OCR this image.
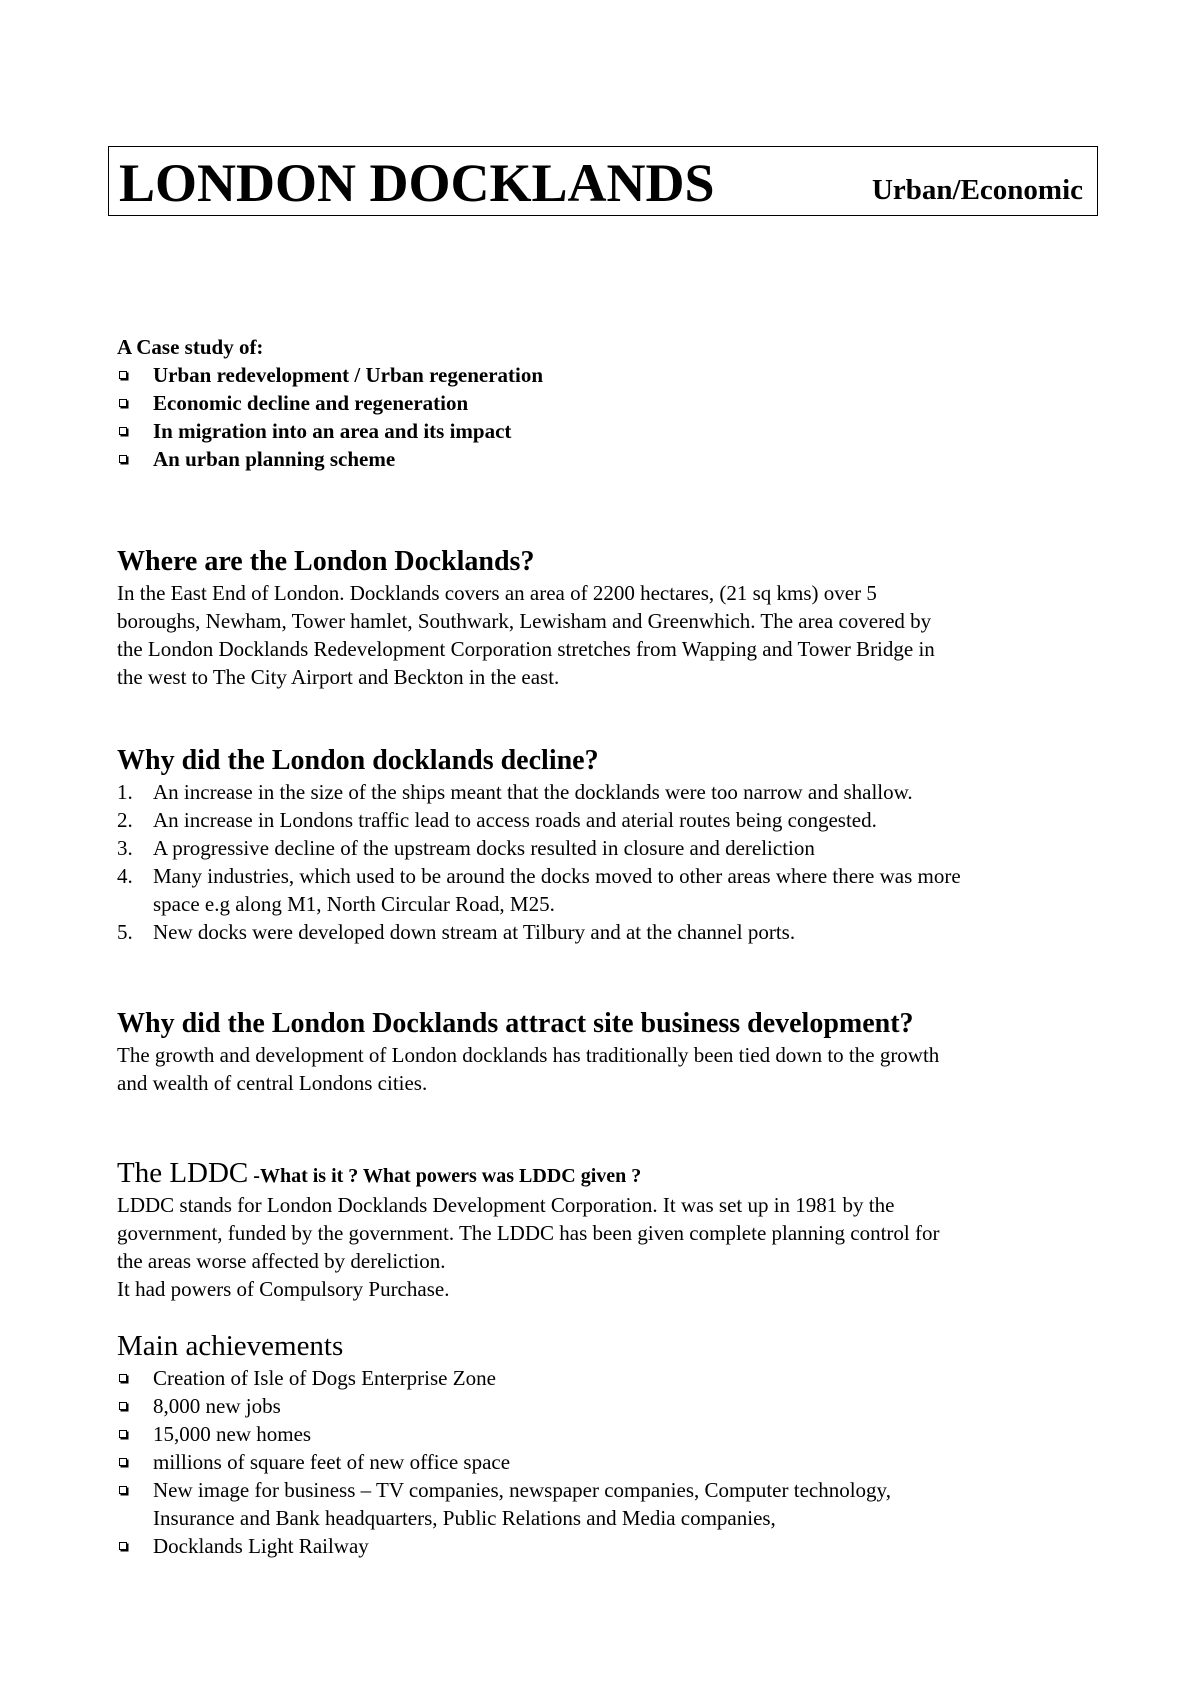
LONDON DOCKLANDS	Urban/Economic
A Case study of:
Urban redevelopment / Urban regeneration
Economic decline and regeneration
In migration into an area and its impact
An urban planning scheme
Where are the London Docklands?
In the East End of London. Docklands covers an area of 2200 hectares, (21 sq kms) over 5
boroughs, Newham, Tower hamlet, Southwark, Lewisham and Greenwhich. The area covered by
the London Docklands Redevelopment Corporation stretches from Wapping and Tower Bridge in
the west to The City Airport and Beckton in the east.
Why did the London docklands decline?
1. An increase in the size of the ships meant that the docklands were too narrow and shallow.
2. An increase in Londons traffic lead to access roads and aterial routes being congested.
3. A progressive decline of the upstream docks resulted in closure and dereliction
4. Many industries, which used to be around the docks moved to other areas where there was more
space e.g along M1, North Circular Road, M25.
5. New docks were developed down stream at Tilbury and at the channel ports.
Why did the London Docklands attract site business development?
The growth and development of London docklands has traditionally been tied down to the growth
and wealth of central Londons cities.
The LDDC -What is it ? What powers was LDDC given ?
LDDC stands for London Docklands Development Corporation. It was set up in 1981 by the
government, funded by the government. The LDDC has been given complete planning control for
the areas worse affected by dereliction.
It had powers of Compulsory Purchase.
Main achievements
Creation of Isle of Dogs Enterprise Zone
8,000 new jobs
15,000 new homes
millions of square feet of new office space
New image for business – TV companies, newspaper companies, Computer technology,
Insurance and Bank headquarters, Public Relations and Media companies,
Docklands Light Railway
